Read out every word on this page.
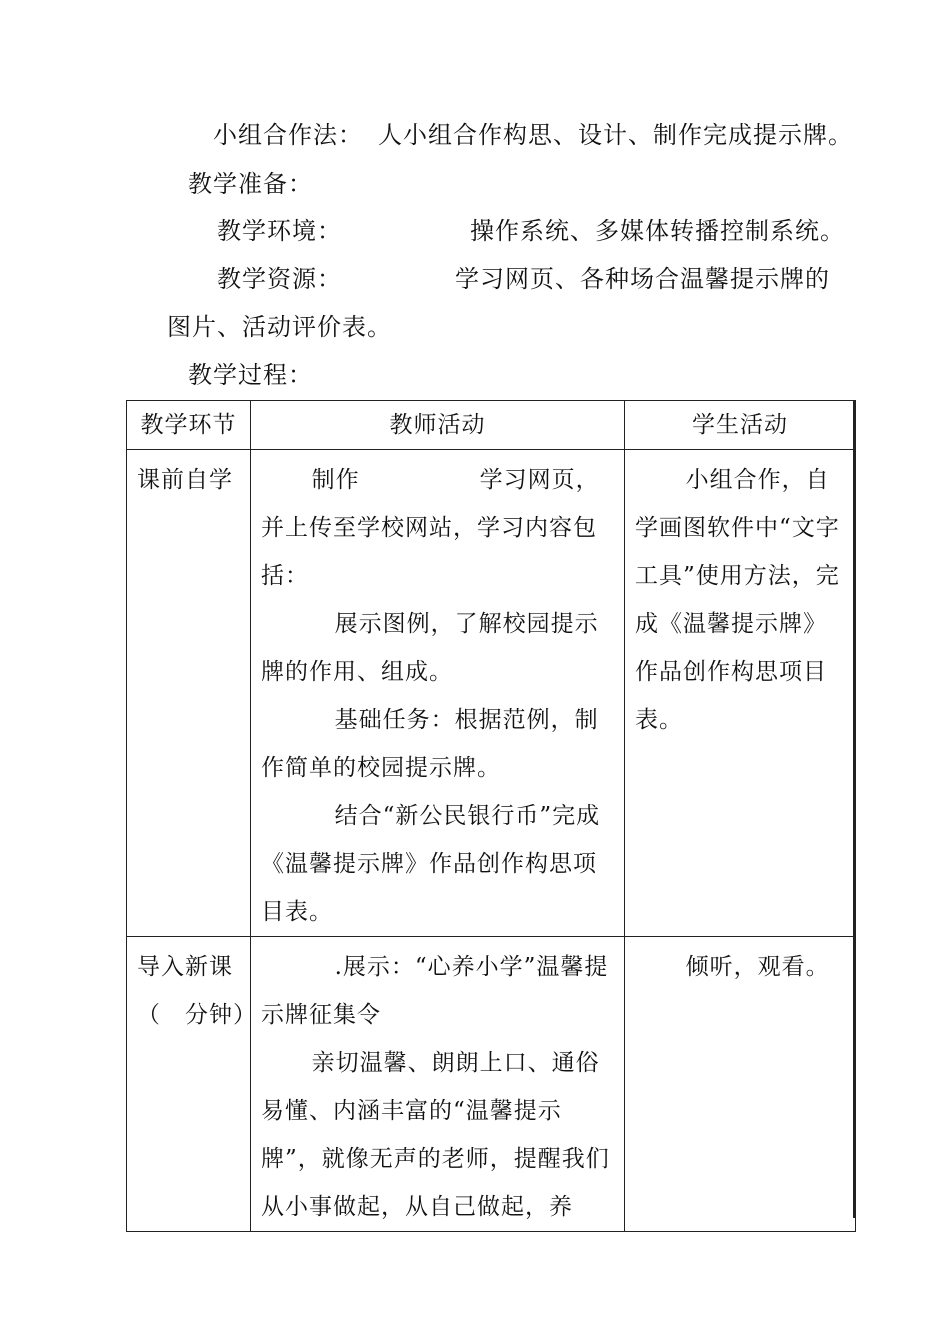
小组合作法： 人小组合作构思、设计、制作完成提示牌。
教学准备：
教学环境：	操作系统、多媒体转播控制系统。
教学资源：	学习网页、各种场合温馨提示牌的
图片、活动评价表。
教学过程：
教学环节	教师活动	学生活动

课前自学	制作　　　　　学习网页，并上传至学校网站，学习内容包括：
展示图例，了解校园提示牌的作用、组成。
基础任务：根据范例，制作简单的校园提示牌。
结合“新公民银行币”完成《温馨提示牌》作品创作构思项目表。	小组合作，自学画图软件中“文字工具”使用方法，完成《温馨提示牌》作品创作构思项目表。

导入新课（　分钟）	.展示：“心养小学”温馨提示牌征集令
亲切温馨、朗朗上口、通俗易懂、内涵丰富的“温馨提示牌”，就像无声的老师，提醒我们从小事做起，从自己做起，养	倾听，观看。
